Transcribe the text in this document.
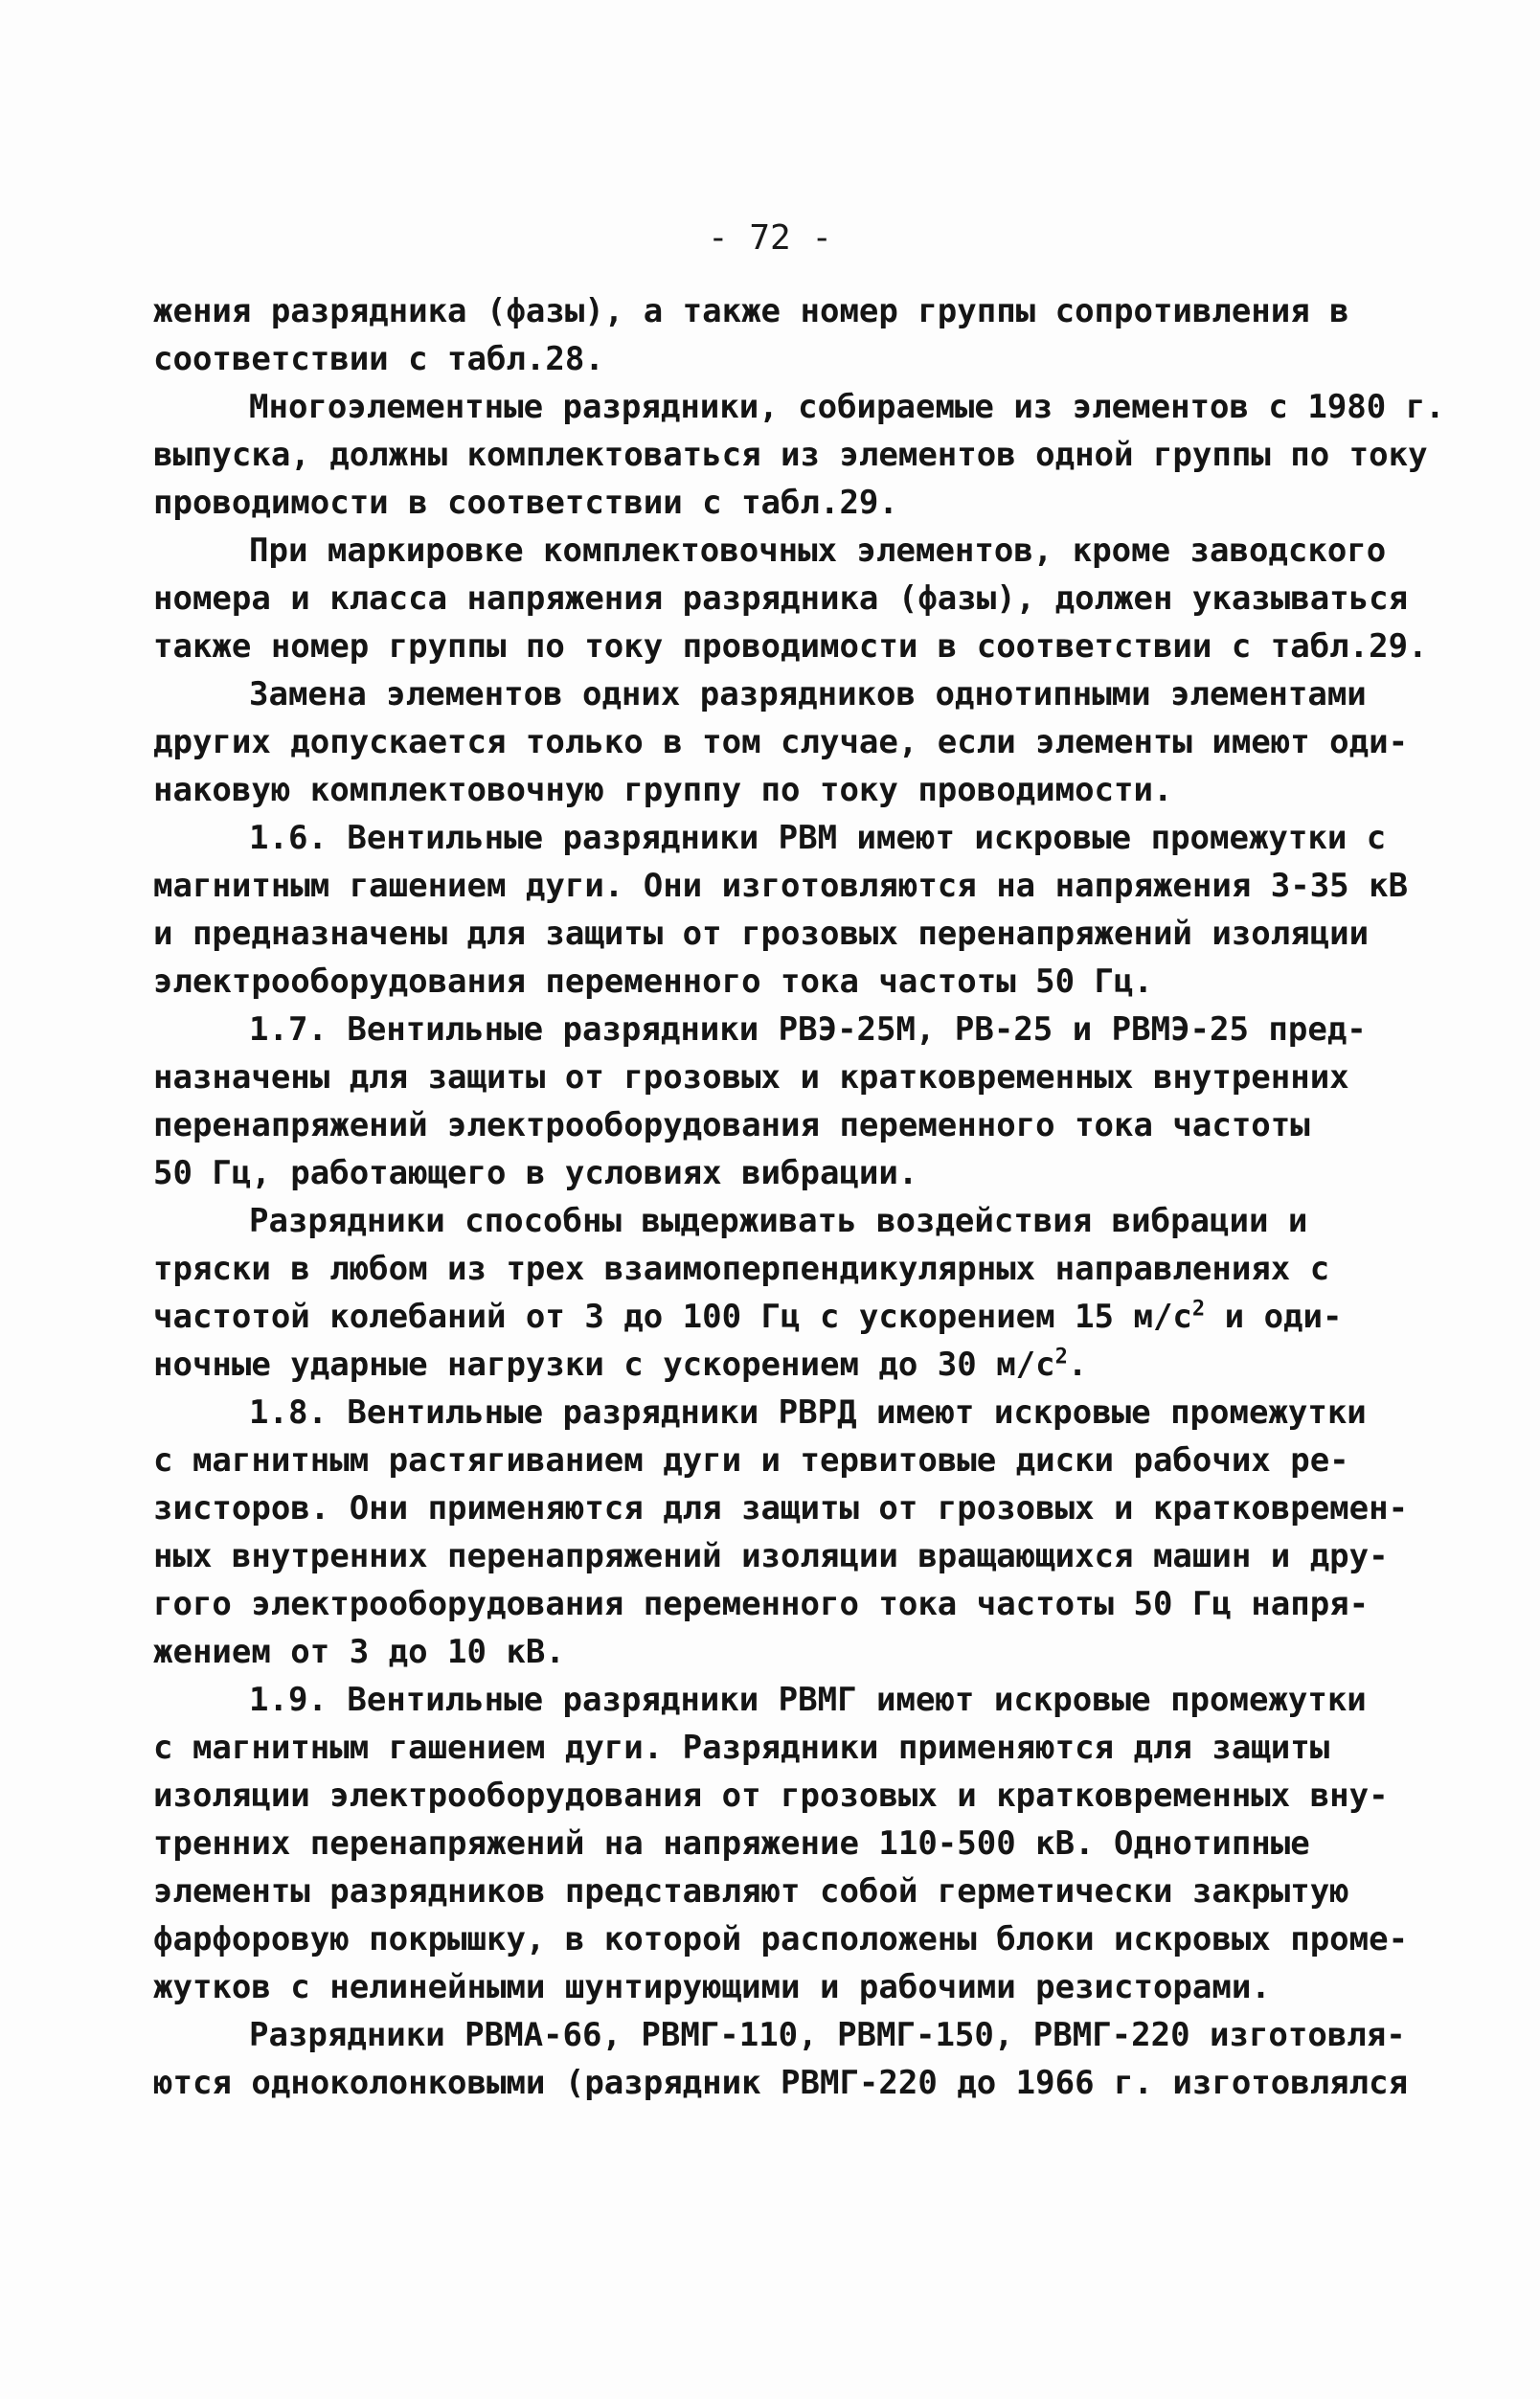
- 72 -
жения разрядника (фазы), а также номер группы сопротивления в
соответствии с табл.28.
Многоэлементные разрядники, собираемые из элементов с 1980 г.
выпуска, должны комплектоваться из элементов одной группы по току
проводимости в соответствии с табл.29.
При маркировке комплектовочных элементов, кроме заводского
номера и класса напряжения разрядника (фазы), должен указываться
также номер группы по току проводимости в соответствии с табл.29.
Замена элементов одних разрядников однотипными элементами
других допускается только в том случае, если элементы имеют оди-
наковую комплектовочную группу по току проводимости.
1.6. Вентильные разрядники РВМ имеют искровые промежутки с
магнитным гашением дуги. Они изготовляются на напряжения 3-35 кВ
и предназначены для защиты от грозовых перенапряжений изоляции
электрооборудования переменного тока частоты 50 Гц.
1.7. Вентильные разрядники РВЭ-25М, РВ-25 и РВМЭ-25 пред-
назначены для защиты от грозовых и кратковременных внутренних
перенапряжений электрооборудования переменного тока частоты
50 Гц, работающего в условиях вибрации.
Разрядники способны выдерживать воздействия вибрации и
тряски в любом из трех взаимоперпендикулярных направлениях с
частотой колебаний от 3 до 100 Гц с ускорением 15 $м/с^2$ и оди-
ночные ударные нагрузки с ускорением до 30 $м/с^2$.
1.8. Вентильные разрядники РВРД имеют искровые промежутки
с магнитным растягиванием дуги и тервитовые диски рабочих ре-
зисторов. Они применяются для защиты от грозовых и кратковремен-
ных внутренних перенапряжений изоляции вращающихся машин и дру-
гого электрооборудования переменного тока частоты 50 Гц напря-
жением от 3 до 10 кВ.
1.9. Вентильные разрядники РВМГ имеют искровые промежутки
с магнитным гашением дуги. Разрядники применяются для защиты
изоляции электрооборудования от грозовых и кратковременных вну-
тренних перенапряжений на напряжение 110-500 кВ. Однотипные
элементы разрядников представляют собой герметически закрытую
фарфоровую покрышку, в которой расположены блоки искровых проме-
жутков с нелинейными шунтирующими и рабочими резисторами.
Разрядники РВМА-66, РВМГ-110, РВМГ-150, РВМГ-220 изготовля-
ются одноколонковыми (разрядник РВМГ-220 до 1966 г. изготовлялся
